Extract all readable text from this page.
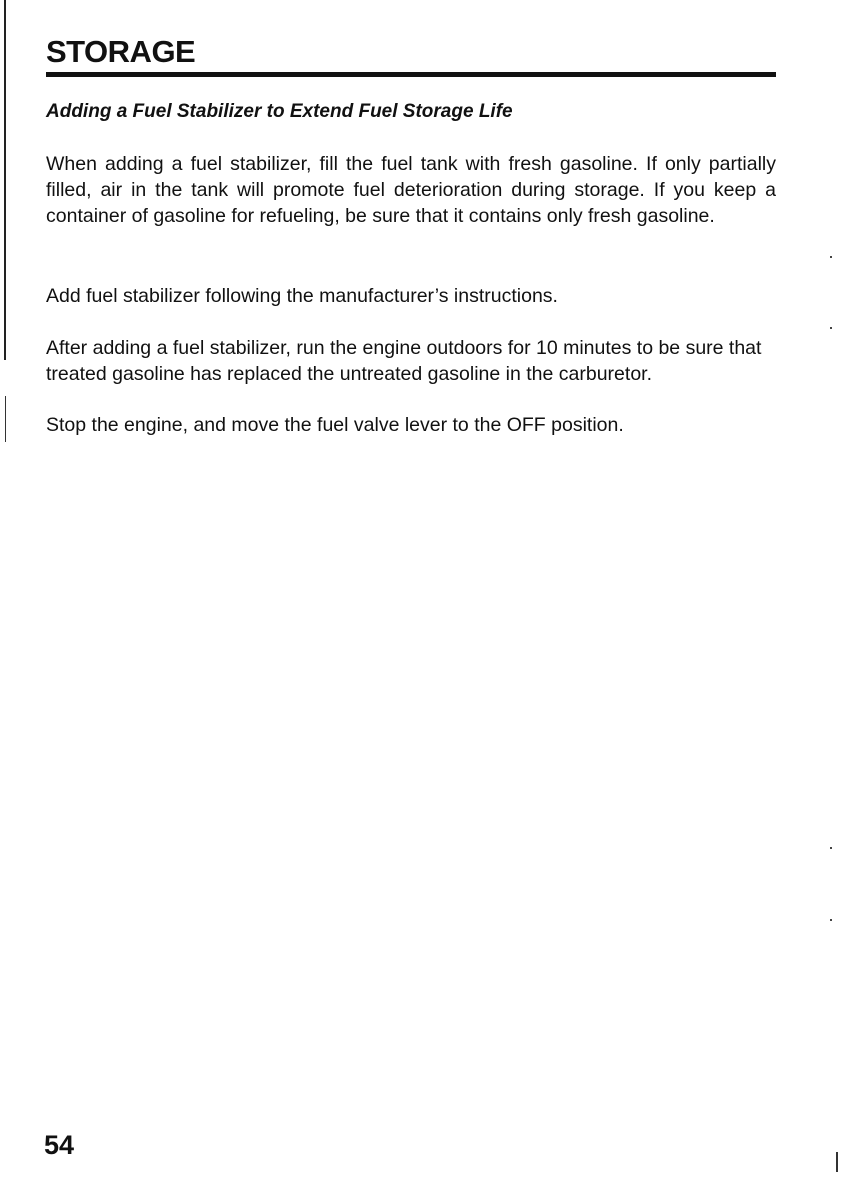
STORAGE
Adding a Fuel Stabilizer to Extend Fuel Storage Life

When adding a fuel stabilizer, fill the fuel tank with fresh gasoline. If only partially filled, air in the tank will promote fuel deterioration during storage. If you keep a container of gasoline for refueling, be sure that it contains only fresh gasoline.

Add fuel stabilizer following the manufacturer’s instructions.

After adding a fuel stabilizer, run the engine outdoors for 10 minutes to be sure that treated gasoline has replaced the untreated gasoline in the carburetor.

Stop the engine, and move the fuel valve lever to the OFF position.

54
